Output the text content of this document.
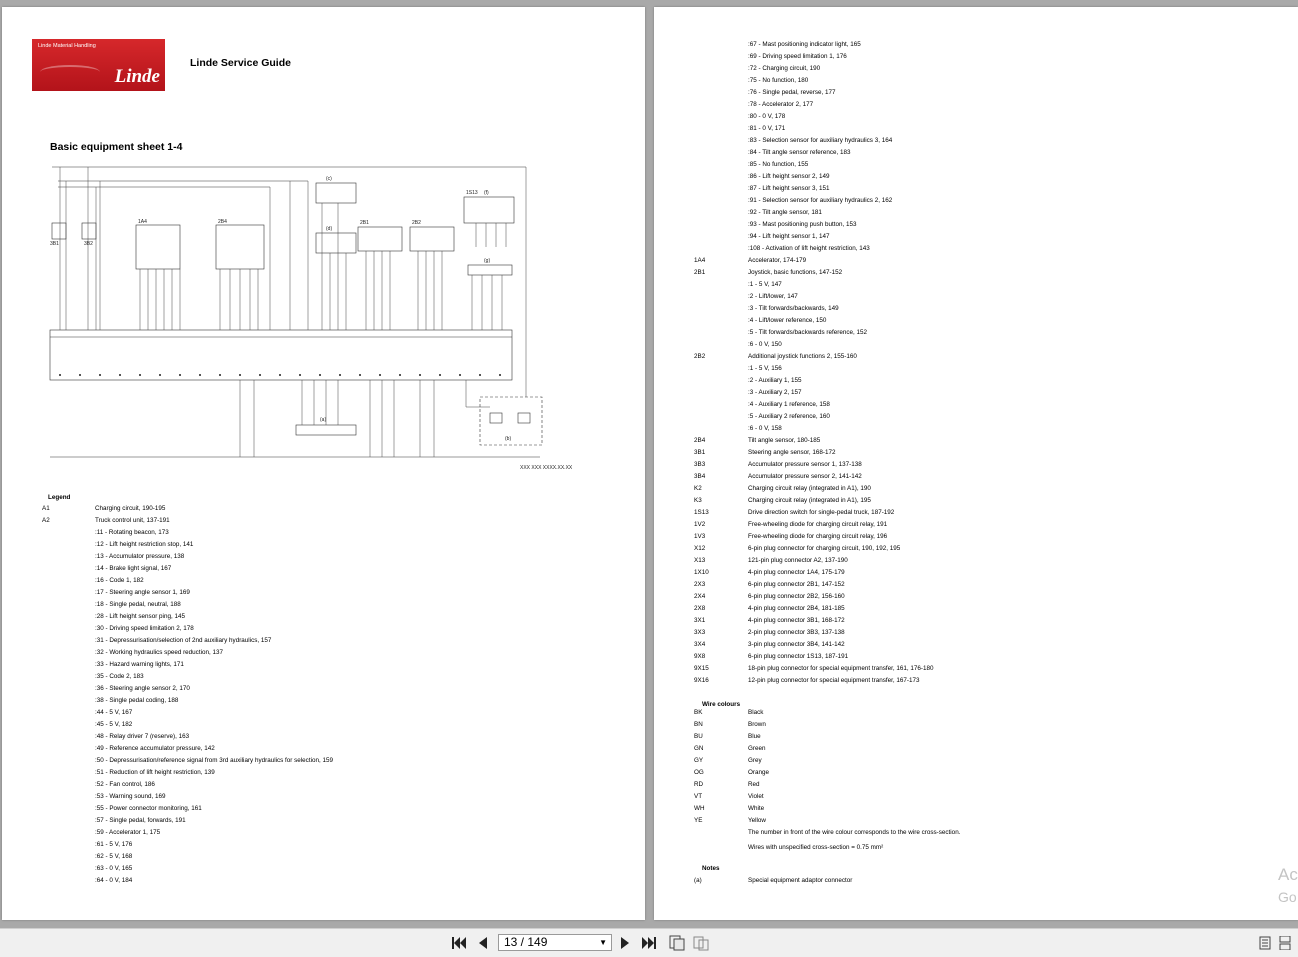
Linde Material Handling
Linde
Linde Service Guide
Basic equipment sheet 1-4
(c)
(d)
(f)
(g)
(a)
(b)
3B1	3B2
2B4
1S13
1A4	2B1	2B2
XXX XXX XXXX.XX.XX
Legend
A1	Charging circuit, 190-195
A2	Truck control unit, 137-191
:11 - Rotating beacon, 173
:12 - Lift height restriction stop, 141
:13 - Accumulator pressure, 138
:14 - Brake light signal, 167
:16 - Code 1, 182
:17 - Steering angle sensor 1, 169
:18 - Single pedal, neutral, 188
:28 - Lift height sensor ping, 145
:30 - Driving speed limitation 2, 178
:31 - Depressurisation/selection of 2nd auxiliary hydraulics, 157
:32 - Working hydraulics speed reduction, 137
:33 - Hazard warning lights, 171
:35 - Code 2, 183
:36 - Steering angle sensor 2, 170
:38 - Single pedal coding, 188
:44 - 5 V, 167
:45 - 5 V, 182
:48 - Relay driver 7 (reserve), 163
:49 - Reference accumulator pressure, 142
:50 - Depressurisation/reference signal from 3rd auxiliary hydraulics for selection, 159
:51 - Reduction of lift height restriction, 139
:52 - Fan control, 186
:53 - Warning sound, 169
:55 - Power connector monitoring, 161
:57 - Single pedal, forwards, 191
:59 - Accelerator 1, 175
:61 - 5 V, 176
:62 - 5 V, 168
:63 - 0 V, 165
:64 - 0 V, 184
:67 - Mast positioning indicator light, 165
:69 - Driving speed limitation 1, 176
:72 - Charging circuit, 190
:75 - No function, 180
:76 - Single pedal, reverse, 177
:78 - Accelerator 2, 177
:80 - 0 V, 178
:81 - 0 V, 171
:83 - Selection sensor for auxiliary hydraulics 3, 164
:84 - Tilt angle sensor reference, 183
:85 - No function, 155
:86 - Lift height sensor 2, 149
:87 - Lift height sensor 3, 151
:91 - Selection sensor for auxiliary hydraulics 2, 162
:92 - Tilt angle sensor, 181
:93 - Mast positioning push button, 153
:94 - Lift height sensor 1, 147
:108 - Activation of lift height restriction, 143
1A4	Accelerator, 174-179
2B1	Joystick, basic functions, 147-152
:1 - 5 V, 147
:2 - Lift/lower, 147
:3 - Tilt forwards/backwards, 149
:4 - Lift/lower reference, 150
:5 - Tilt forwards/backwards reference, 152
:6 - 0 V, 150
2B2	Additional joystick functions 2, 155-160
:1 - 5 V, 156
:2 - Auxiliary 1, 155
:3 - Auxiliary 2, 157
:4 - Auxiliary 1 reference, 158
:5 - Auxiliary 2 reference, 160
:6 - 0 V, 158
2B4	Tilt angle sensor, 180-185
3B1	Steering angle sensor, 168-172
3B3	Accumulator pressure sensor 1, 137-138
3B4	Accumulator pressure sensor 2, 141-142
K2	Charging circuit relay (integrated in A1), 190
K3	Charging circuit relay (integrated in A1), 195
1S13	Drive direction switch for single-pedal truck, 187-192
1V2	Free-wheeling diode for charging circuit relay, 191
1V3	Free-wheeling diode for charging circuit relay, 196
X12	6-pin plug connector for charging circuit, 190, 192, 195
X13	121-pin plug connector A2, 137-190
1X10	4-pin plug connector 1A4, 175-179
2X3	6-pin plug connector 2B1, 147-152
2X4	6-pin plug connector 2B2, 156-160
2X8	4-pin plug connector 2B4, 181-185
3X1	4-pin plug connector 3B1, 168-172
3X3	2-pin plug connector 3B3, 137-138
3X4	3-pin plug connector 3B4, 141-142
9X8	6-pin plug connector 1S13, 187-191
9X15	18-pin plug connector for special equipment transfer, 161, 176-180
9X16	12-pin plug connector for special equipment transfer, 167-173
Wire colours
BK	Black
BN	Brown
BU	Blue
GN	Green
GY	Grey
OG	Orange
RD	Red
VT	Violet
WH	White
YE	Yellow
The number in front of the wire colour corresponds to the wire cross-section.
Wires with unspecified cross-section = 0.75 mm²
Notes
(a)	Special equipment adaptor connector	Ac
Go
13 / 149	▼
